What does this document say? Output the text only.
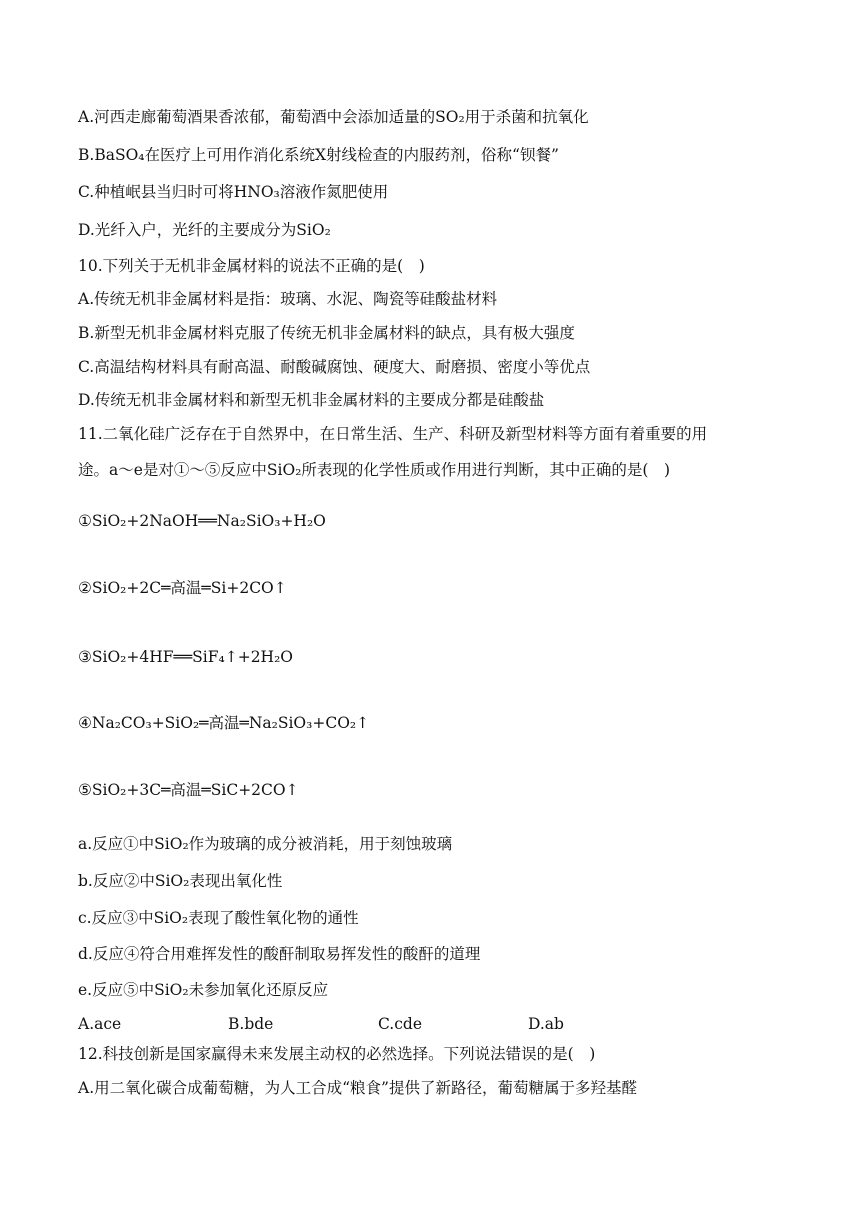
A.河西走廊葡萄酒果香浓郁，葡萄酒中会添加适量的SO₂用于杀菌和抗氧化
B.BaSO₄在医疗上可用作消化系统X射线检查的内服药剂，俗称“钡餐”
C.种植岷县当归时可将HNO₃溶液作氮肥使用
D.光纤入户，光纤的主要成分为SiO₂
10.下列关于无机非金属材料的说法不正确的是(　)
A.传统无机非金属材料是指：玻璃、水泥、陶瓷等硅酸盐材料
B.新型无机非金属材料克服了传统无机非金属材料的缺点，具有极大强度
C.高温结构材料具有耐高温、耐酸碱腐蚀、硬度大、耐磨损、密度小等优点
D.传统无机非金属材料和新型无机非金属材料的主要成分都是硅酸盐
11.二氧化硅广泛存在于自然界中，在日常生活、生产、科研及新型材料等方面有着重要的用
途。a～e是对①～⑤反应中SiO₂所表现的化学性质或作用进行判断，其中正确的是(　)
①SiO₂+2NaOH══Na₂SiO₃+H₂O
②SiO₂+2C═高温═Si+2CO↑
③SiO₂+4HF══SiF₄↑+2H₂O
④Na₂CO₃+SiO₂═高温═Na₂SiO₃+CO₂↑
⑤SiO₂+3C═高温═SiC+2CO↑
a.反应①中SiO₂作为玻璃的成分被消耗，用于刻蚀玻璃
b.反应②中SiO₂表现出氧化性
c.反应③中SiO₂表现了酸性氧化物的通性
d.反应④符合用难挥发性的酸酐制取易挥发性的酸酐的道理
e.反应⑤中SiO₂未参加氧化还原反应
A.ace	B.bde	C.cde	D.ab
12.科技创新是国家赢得未来发展主动权的必然选择。下列说法错误的是(　)
A.用二氧化碳合成葡萄糖，为人工合成“粮食”提供了新路径，葡萄糖属于多羟基醛
